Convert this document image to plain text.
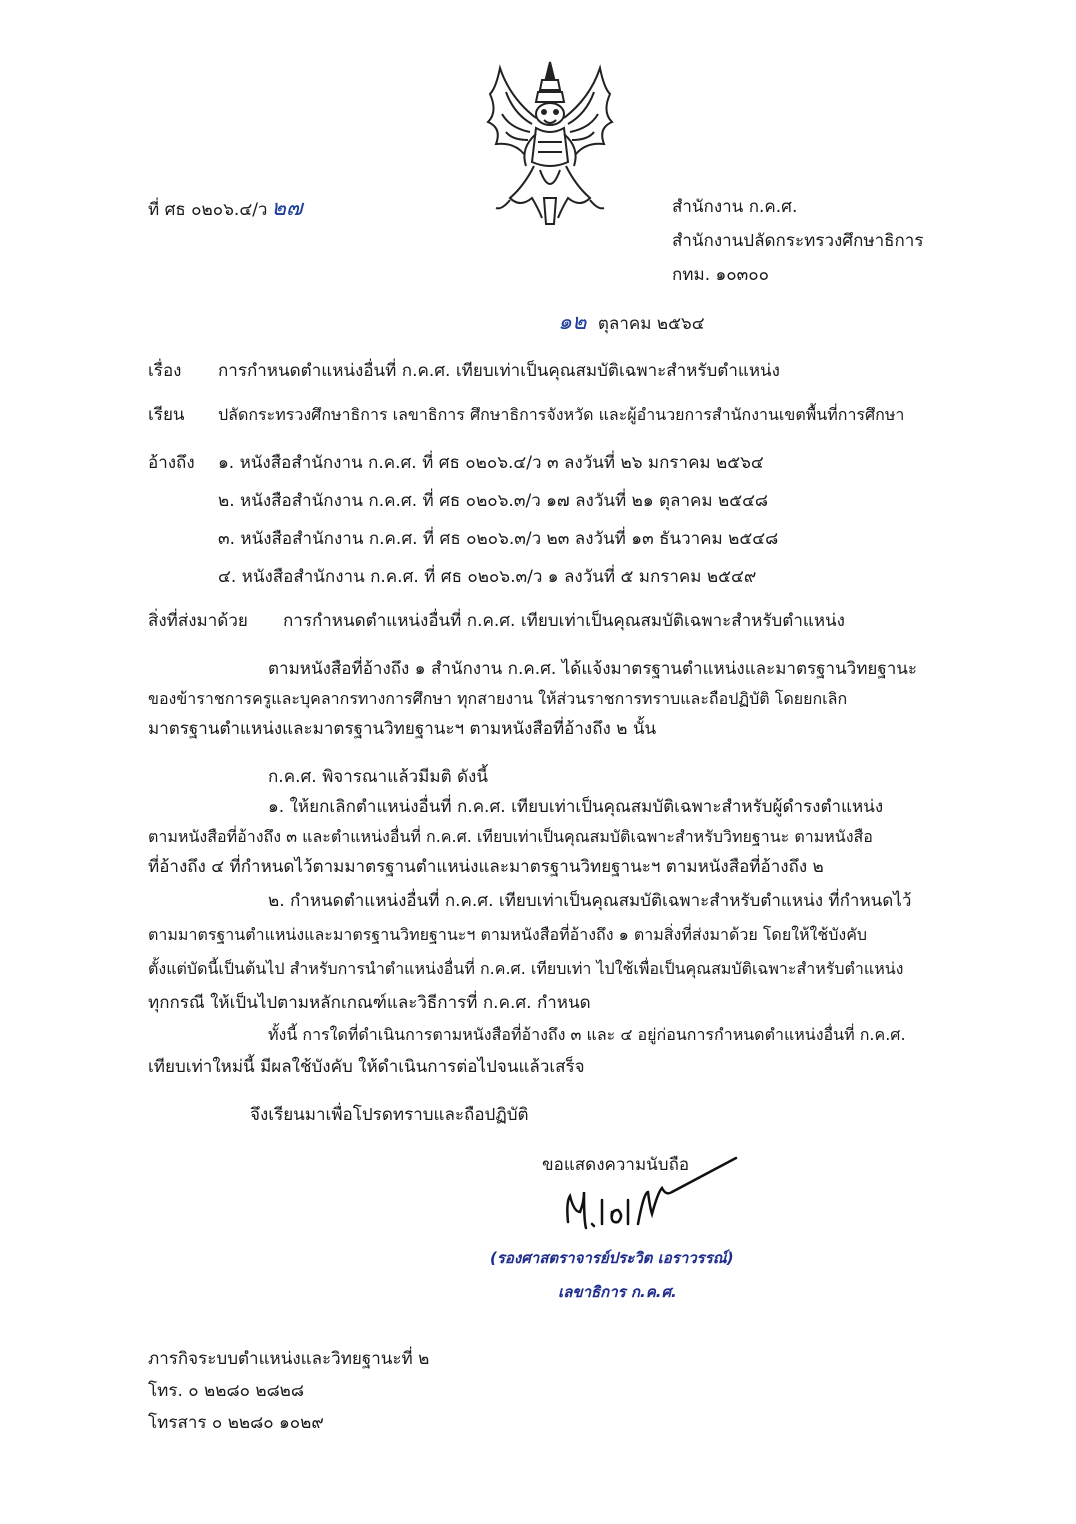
ที่ ศธ ๐๒๐๖.๔/ว ๒๗	สำนักงาน ก.ค.ศ.
สำนักงานปลัดกระทรวงศึกษาธิการ
กทม. ๑๐๓๐๐
๑๒ ตุลาคม ๒๕๖๔
เรื่อง การกำหนดตำแหน่งอื่นที่ ก.ค.ศ. เทียบเท่าเป็นคุณสมบัติเฉพาะสำหรับตำแหน่ง
เรียน ปลัดกระทรวงศึกษาธิการ เลขาธิการ ศึกษาธิการจังหวัด และผู้อำนวยการสำนักงานเขตพื้นที่การศึกษา
อ้างถึง ๑. หนังสือสำนักงาน ก.ค.ศ. ที่ ศธ ๐๒๐๖.๔/ว ๓ ลงวันที่ ๒๖ มกราคม ๒๕๖๔
๒. หนังสือสำนักงาน ก.ค.ศ. ที่ ศธ ๐๒๐๖.๓/ว ๑๗ ลงวันที่ ๒๑ ตุลาคม ๒๕๔๘
๓. หนังสือสำนักงาน ก.ค.ศ. ที่ ศธ ๐๒๐๖.๓/ว ๒๓ ลงวันที่ ๑๓ ธันวาคม ๒๕๔๘
๔. หนังสือสำนักงาน ก.ค.ศ. ที่ ศธ ๐๒๐๖.๓/ว ๑ ลงวันที่ ๕ มกราคม ๒๕๔๙
สิ่งที่ส่งมาด้วย การกำหนดตำแหน่งอื่นที่ ก.ค.ศ. เทียบเท่าเป็นคุณสมบัติเฉพาะสำหรับตำแหน่ง
ตามหนังสือที่อ้างถึง ๑ สำนักงาน ก.ค.ศ. ได้แจ้งมาตรฐานตำแหน่งและมาตรฐานวิทยฐานะ
ของข้าราชการครูและบุคลากรทางการศึกษา ทุกสายงาน ให้ส่วนราชการทราบและถือปฏิบัติ โดยยกเลิก
มาตรฐานตำแหน่งและมาตรฐานวิทยฐานะฯ ตามหนังสือที่อ้างถึง ๒ นั้น
ก.ค.ศ. พิจารณาแล้วมีมติ ดังนี้
๑. ให้ยกเลิกตำแหน่งอื่นที่ ก.ค.ศ. เทียบเท่าเป็นคุณสมบัติเฉพาะสำหรับผู้ดำรงตำแหน่ง
ตามหนังสือที่อ้างถึง ๓ และตำแหน่งอื่นที่ ก.ค.ศ. เทียบเท่าเป็นคุณสมบัติเฉพาะสำหรับวิทยฐานะ ตามหนังสือ
ที่อ้างถึง ๔ ที่กำหนดไว้ตามมาตรฐานตำแหน่งและมาตรฐานวิทยฐานะฯ ตามหนังสือที่อ้างถึง ๒
๒. กำหนดตำแหน่งอื่นที่ ก.ค.ศ. เทียบเท่าเป็นคุณสมบัติเฉพาะสำหรับตำแหน่ง ที่กำหนดไว้
ตามมาตรฐานตำแหน่งและมาตรฐานวิทยฐานะฯ ตามหนังสือที่อ้างถึง ๑ ตามสิ่งที่ส่งมาด้วย โดยให้ใช้บังคับ
ตั้งแต่บัดนี้เป็นต้นไป สำหรับการนำตำแหน่งอื่นที่ ก.ค.ศ. เทียบเท่า ไปใช้เพื่อเป็นคุณสมบัติเฉพาะสำหรับตำแหน่ง
ทุกกรณี ให้เป็นไปตามหลักเกณฑ์และวิธีการที่ ก.ค.ศ. กำหนด
ทั้งนี้ การใดที่ดำเนินการตามหนังสือที่อ้างถึง ๓ และ ๔ อยู่ก่อนการกำหนดตำแหน่งอื่นที่ ก.ค.ศ.
เทียบเท่าใหม่นี้ มีผลใช้บังคับ ให้ดำเนินการต่อไปจนแล้วเสร็จ
จึงเรียนมาเพื่อโปรดทราบและถือปฏิบัติ
ขอแสดงความนับถือ
(รองศาสตราจารย์ประวิต เอราวรรณ์)
เลขาธิการ ก.ค.ศ.
ภารกิจระบบตำแหน่งและวิทยฐานะที่ ๒
โทร. ๐ ๒๒๘๐ ๒๘๒๘
โทรสาร ๐ ๒๒๘๐ ๑๐๒๙
